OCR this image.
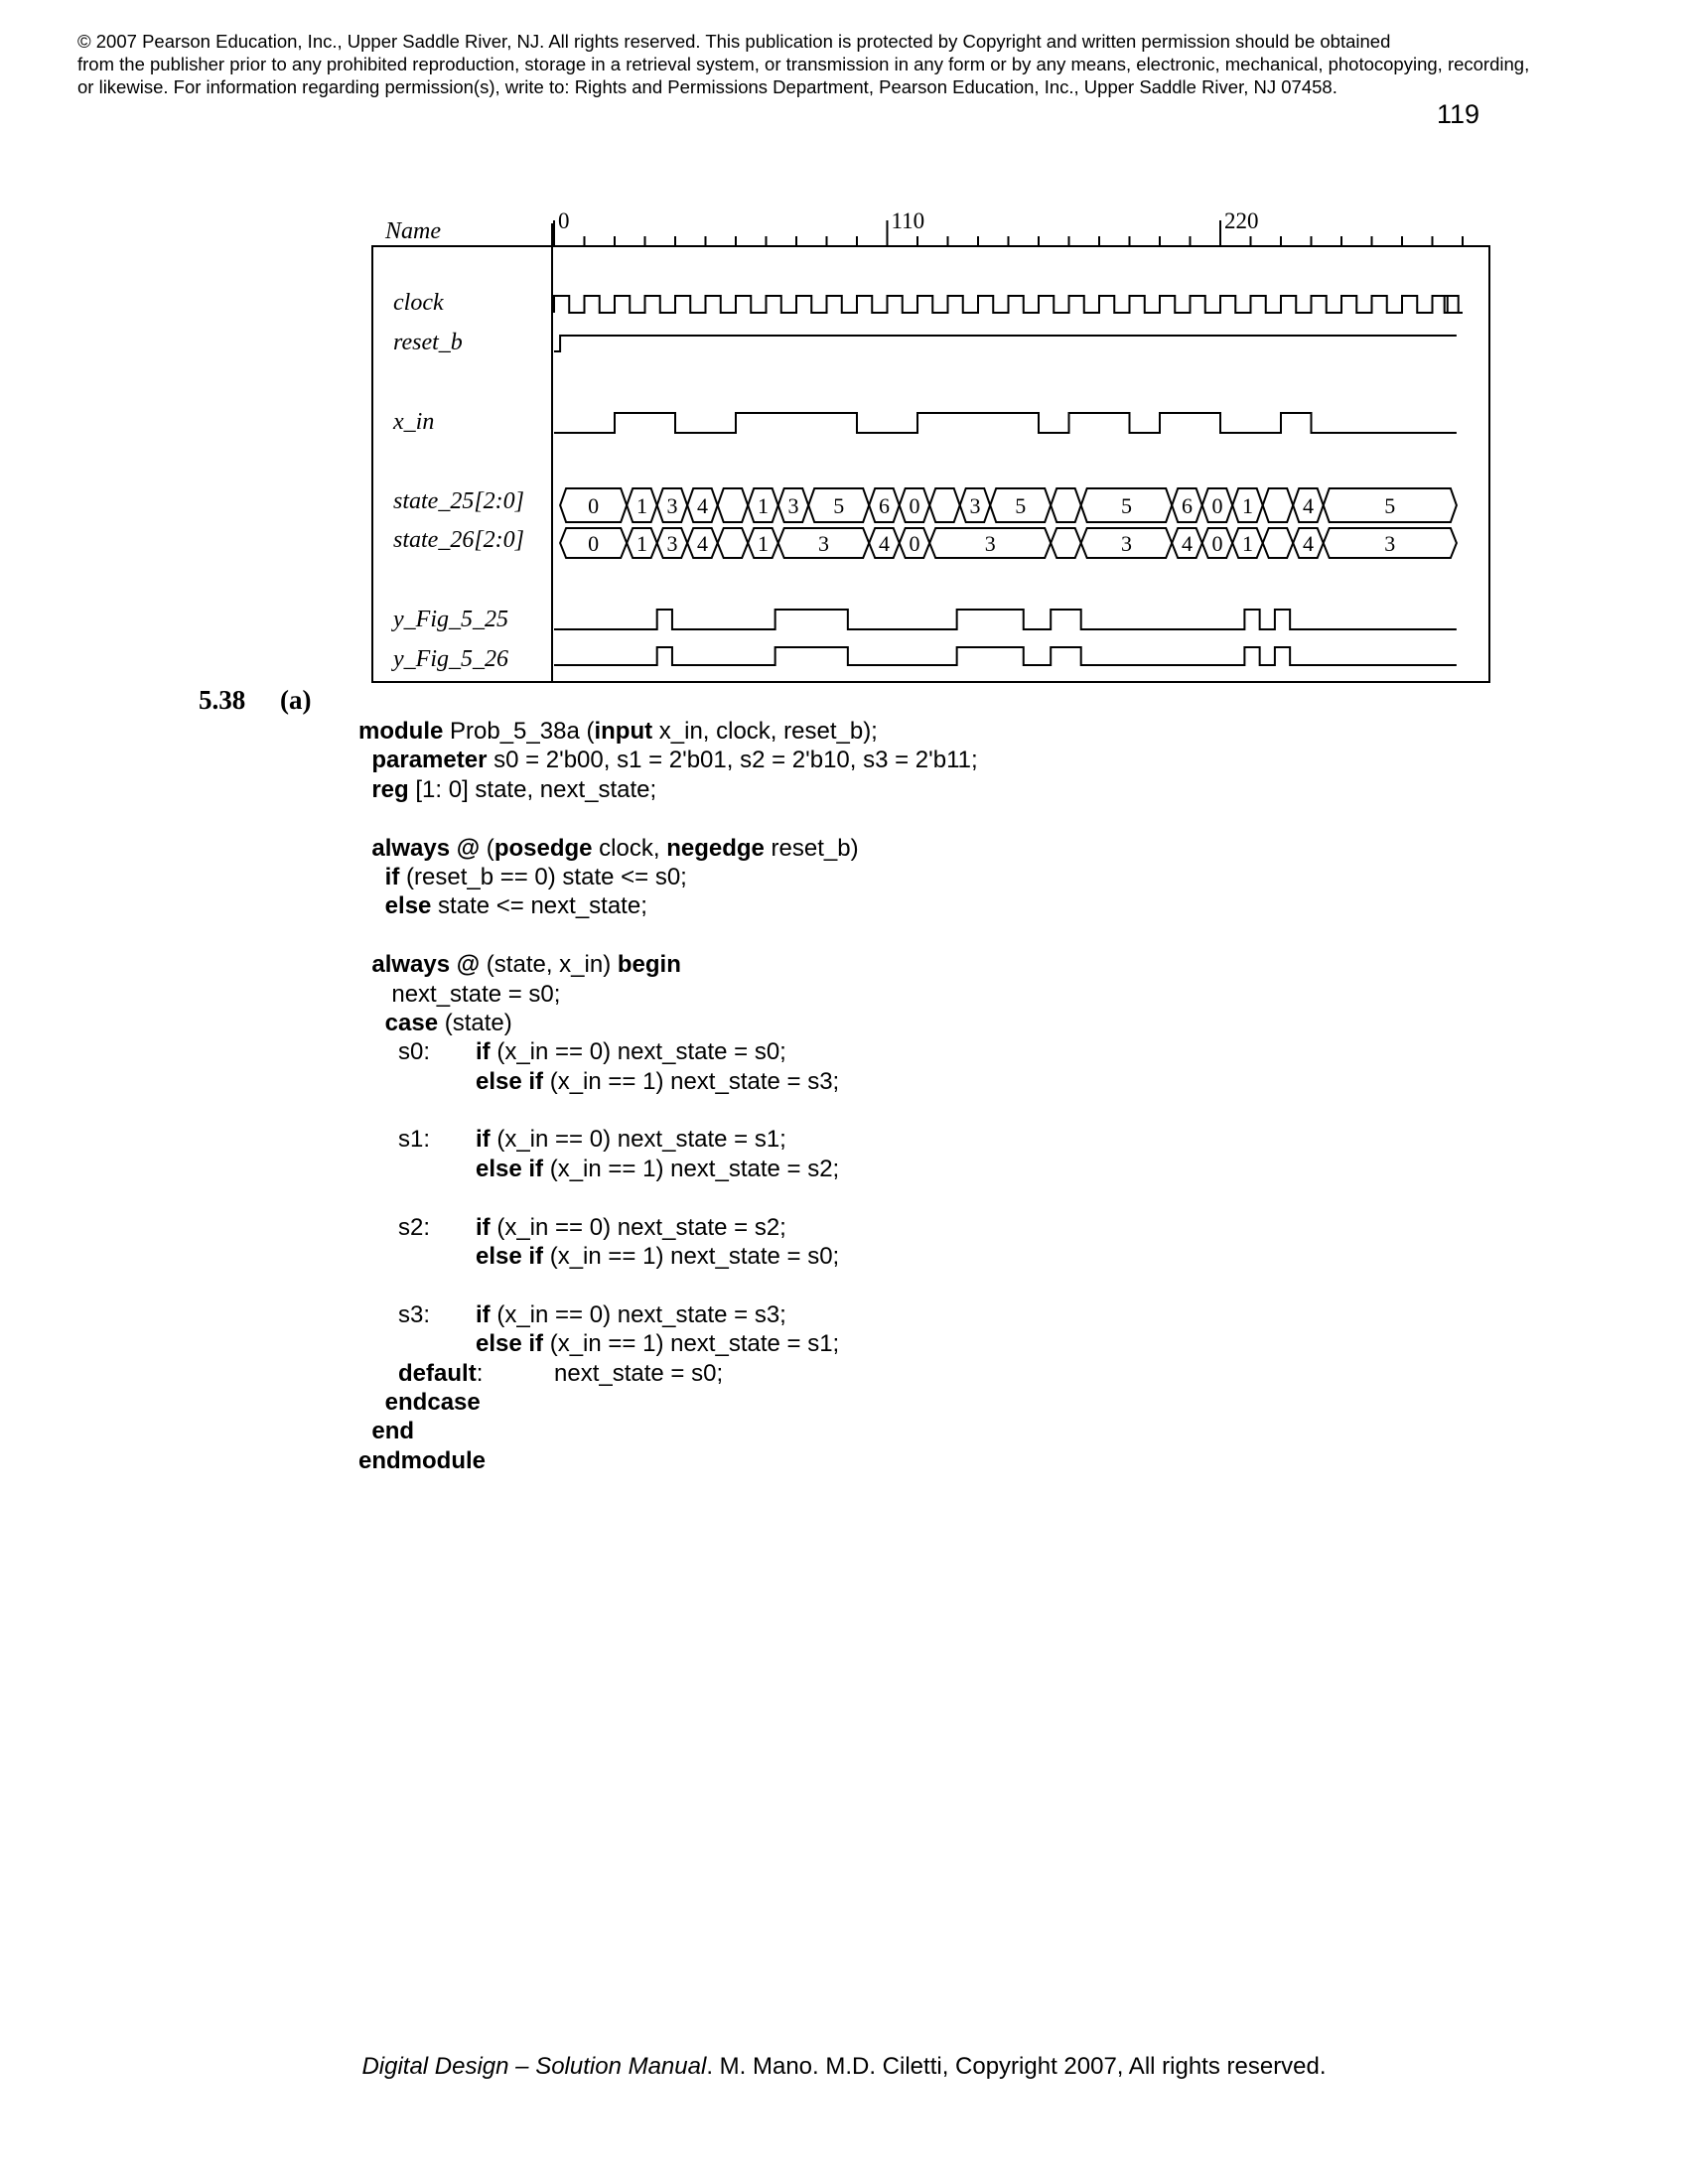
© 2007 Pearson Education, Inc., Upper Saddle River, NJ. All rights reserved. This publication is protected by Copyright and written permission should be obtained
from the publisher prior to any prohibited reproduction, storage in a retrieval system, or transmission in any form or by any means, electronic, mechanical, photocopying, recording,
or likewise. For information regarding permission(s), write to: Rights and Permissions Department, Pearson Education, Inc., Upper Saddle River, NJ 07458.
119
Name	0	110	220
clock
reset_b
x_in
state_25[2:0]	0 1 3 4 1 3 5 6 0 3 5	5 6 0 1 4	5
state_26[2:0]	0 1 3 4 1 3 4 0	3	3 4 0 1 4	3
y_Fig_5_25
y_Fig_5_26
5.38 (a)
module Prob_5_38a (input x_in, clock, reset_b);
parameter s0 = 2'b00, s1 = 2'b01, s2 = 2'b10, s3 = 2'b11;
reg [1: 0] state, next_state;
always @ (posedge clock, negedge reset_b)
if (reset_b == 0) state <= s0;
else state <= next_state;
always @ (state, x_in) begin
next_state = s0;
case (state)
s0: if (x_in == 0) next_state = s0;
else if (x_in == 1) next_state = s3;
s1: if (x_in == 0) next_state = s1;
else if (x_in == 1) next_state = s2;
s2: if (x_in == 0) next_state = s2;
else if (x_in == 1) next_state = s0;
s3: if (x_in == 0) next_state = s3;
else if (x_in == 1) next_state = s1;
default:	next_state = s0;
endcase
end
endmodule
Digital Design – Solution Manual. M. Mano. M.D. Ciletti, Copyright 2007, All rights reserved.
